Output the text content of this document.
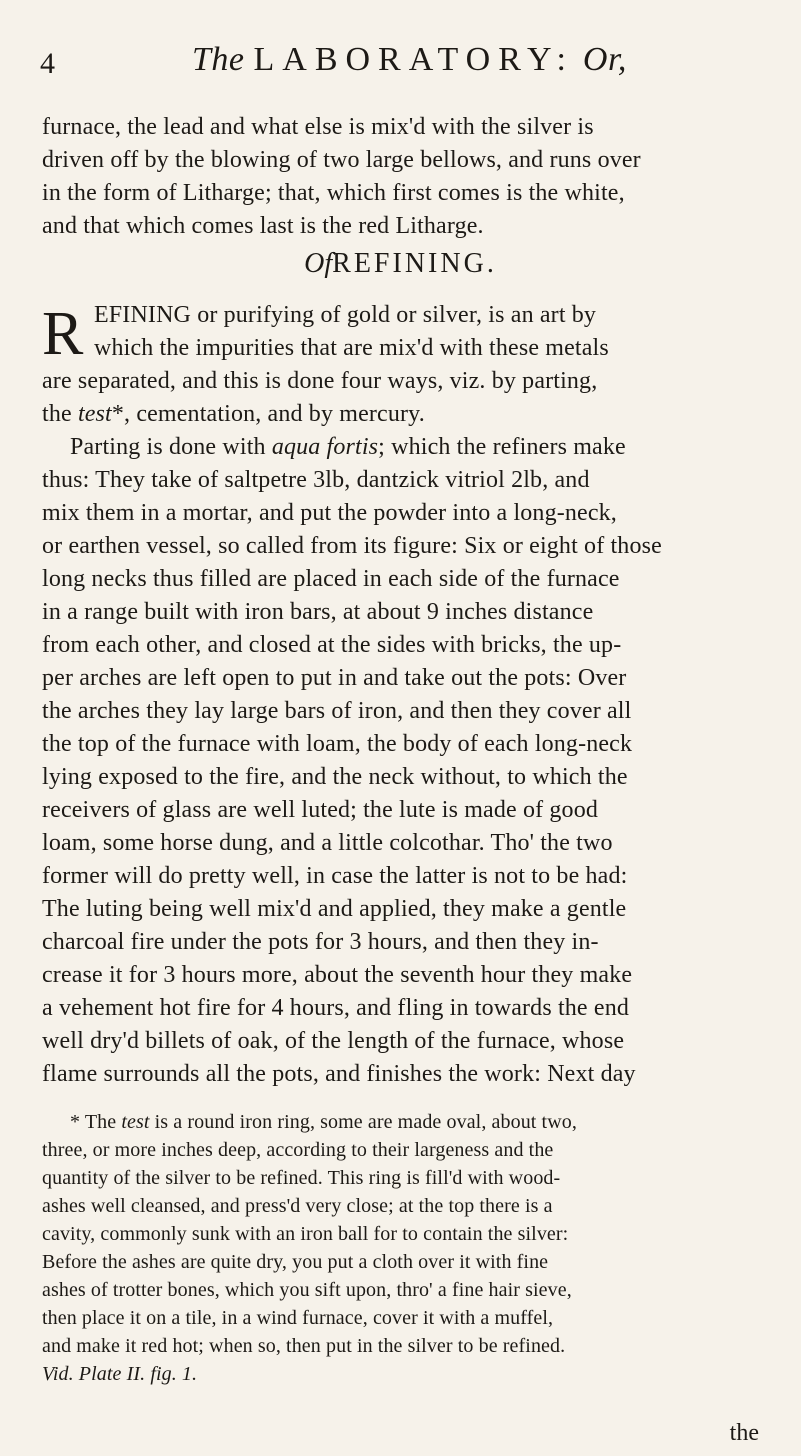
4	The LABORATORY: Or,
furnace, the lead and what else is mix'd with the silver is
driven off by the blowing of two large bellows, and runs over
in the form of Litharge; that, which first comes is the white,
and that which comes last is the red Litharge.
OfREFINING.
R EFINING or purifying of gold or silver, is an art by
which the impurities that are mix'd with these metals
are separated, and this is done four ways, viz. by parting,
the test*, cementation, and by mercury.
Parting is done with aqua fortis; which the refiners make
thus: They take of saltpetre 3lb, dantzick vitriol 2lb, and
mix them in a mortar, and put the powder into a long-neck,
or earthen vessel, so called from its figure: Six or eight of those
long necks thus filled are placed in each side of the furnace
in a range built with iron bars, at about 9 inches distance
from each other, and closed at the sides with bricks, the up-
per arches are left open to put in and take out the pots: Over
the arches they lay large bars of iron, and then they cover all
the top of the furnace with loam, the body of each long-neck
lying exposed to the fire, and the neck without, to which the
receivers of glass are well luted; the lute is made of good
loam, some horse dung, and a little colcothar. Tho' the two
former will do pretty well, in case the latter is not to be had:
The luting being well mix'd and applied, they make a gentle
charcoal fire under the pots for 3 hours, and then they in-
crease it for 3 hours more, about the seventh hour they make
a vehement hot fire for 4 hours, and fling in towards the end
well dry'd billets of oak, of the length of the furnace, whose
flame surrounds all the pots, and finishes the work: Next day
* The test is a round iron ring, some are made oval, about two,
three, or more inches deep, according to their largeness and the
quantity of the silver to be refined. This ring is fill'd with wood-
ashes well cleansed, and press'd very close; at the top there is a
cavity, commonly sunk with an iron ball for to contain the silver:
Before the ashes are quite dry, you put a cloth over it with fine
ashes of trotter bones, which you sift upon, thro' a fine hair sieve,
then place it on a tile, in a wind furnace, cover it with a muffel,
and make it red hot; when so, then put in the silver to be refined.
Vid. Plate II. fig. 1.
the
